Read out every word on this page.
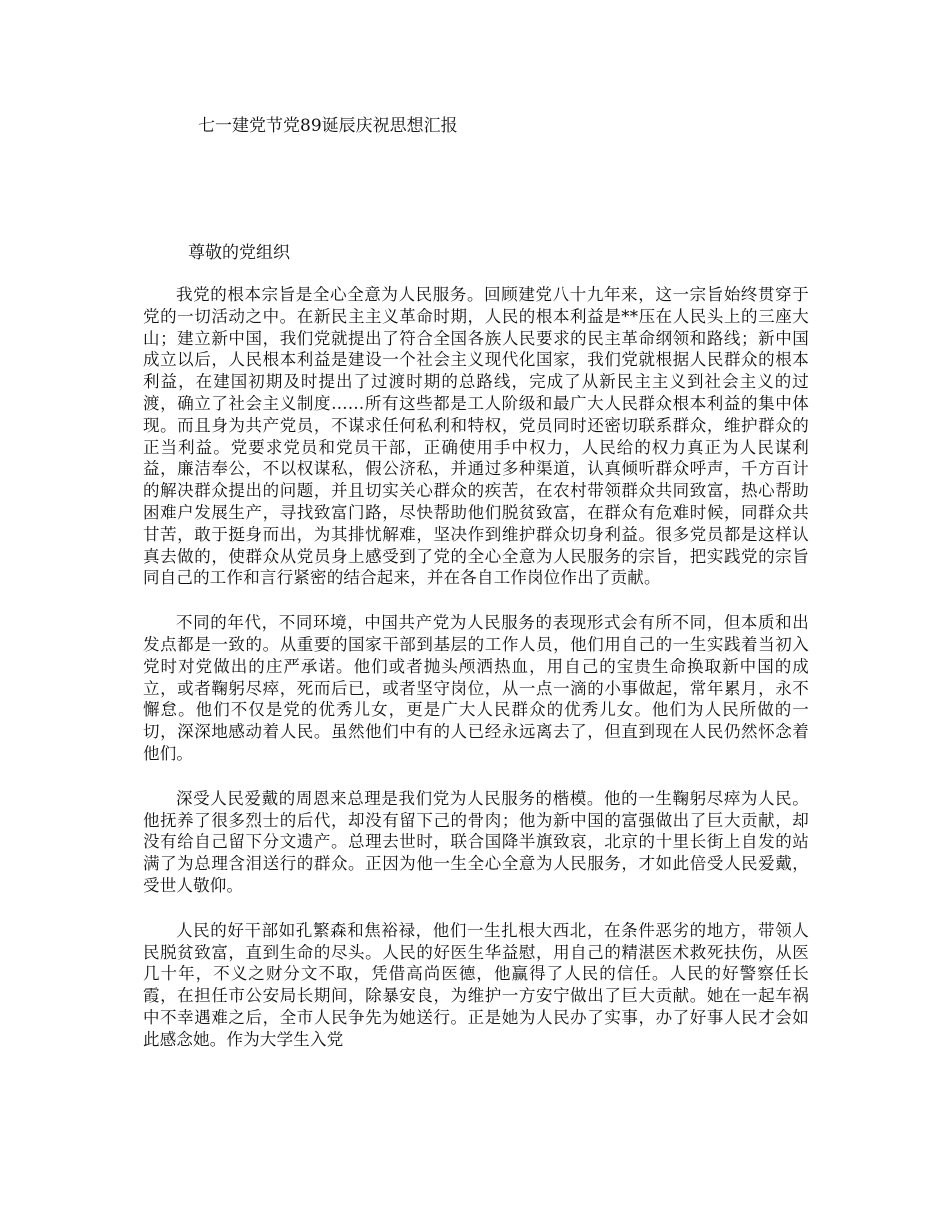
七一建党节党89诞辰庆祝思想汇报

尊敬的党组织

我党的根本宗旨是全心全意为人民服务。回顾建党八十九年来，这一宗旨始终贯穿于党的一切活动之中。在新民主主义革命时期，人民的根本利益是**压在人民头上的三座大山；建立新中国，我们党就提出了符合全国各族人民要求的民主革命纲领和路线；新中国成立以后，人民根本利益是建设一个社会主义现代化国家，我们党就根据人民群众的根本利益，在建国初期及时提出了过渡时期的总路线，完成了从新民主主义到社会主义的过渡，确立了社会主义制度……所有这些都是工人阶级和最广大人民群众根本利益的集中体现。而且身为共产党员，不谋求任何私利和特权，党员同时还密切联系群众，维护群众的正当利益。党要求党员和党员干部，正确使用手中权力，人民给的权力真正为人民谋利益，廉洁奉公，不以权谋私，假公济私，并通过多种渠道，认真倾听群众呼声，千方百计的解决群众提出的问题，并且切实关心群众的疾苦，在农村带领群众共同致富，热心帮助困难户发展生产，寻找致富门路，尽快帮助他们脱贫致富，在群众有危难时候，同群众共甘苦，敢于挺身而出，为其排忧解难，坚决作到维护群众切身利益。很多党员都是这样认真去做的，使群众从党员身上感受到了党的全心全意为人民服务的宗旨，把实践党的宗旨同自己的工作和言行紧密的结合起来，并在各自工作岗位作出了贡献。

不同的年代，不同环境，中国共产党为人民服务的表现形式会有所不同，但本质和出发点都是一致的。从重要的国家干部到基层的工作人员，他们用自己的一生实践着当初入党时对党做出的庄严承诺。他们或者抛头颅洒热血，用自己的宝贵生命换取新中国的成立，或者鞠躬尽瘁，死而后已，或者坚守岗位，从一点一滴的小事做起，常年累月，永不懈怠。他们不仅是党的优秀儿女，更是广大人民群众的优秀儿女。他们为人民所做的一切，深深地感动着人民。虽然他们中有的人已经永远离去了，但直到现在人民仍然怀念着他们。

深受人民爱戴的周恩来总理是我们党为人民服务的楷模。他的一生鞠躬尽瘁为人民。他抚养了很多烈士的后代，却没有留下己的骨肉；他为新中国的富强做出了巨大贡献，却没有给自己留下分文遗产。总理去世时，联合国降半旗致哀，北京的十里长街上自发的站满了为总理含泪送行的群众。正因为他一生全心全意为人民服务，才如此倍受人民爱戴，受世人敬仰。

人民的好干部如孔繁森和焦裕禄，他们一生扎根大西北，在条件恶劣的地方，带领人民脱贫致富，直到生命的尽头。人民的好医生华益慰，用自己的精湛医术救死扶伤，从医几十年，不义之财分文不取，凭借高尚医德，他赢得了人民的信任。人民的好警察任长霞，在担任市公安局长期间，除暴安良，为维护一方安宁做出了巨大贡献。她在一起车祸中不幸遇难之后，全市人民争先为她送行。正是她为人民办了实事，办了好事人民才会如此感念她。作为大学生入党
